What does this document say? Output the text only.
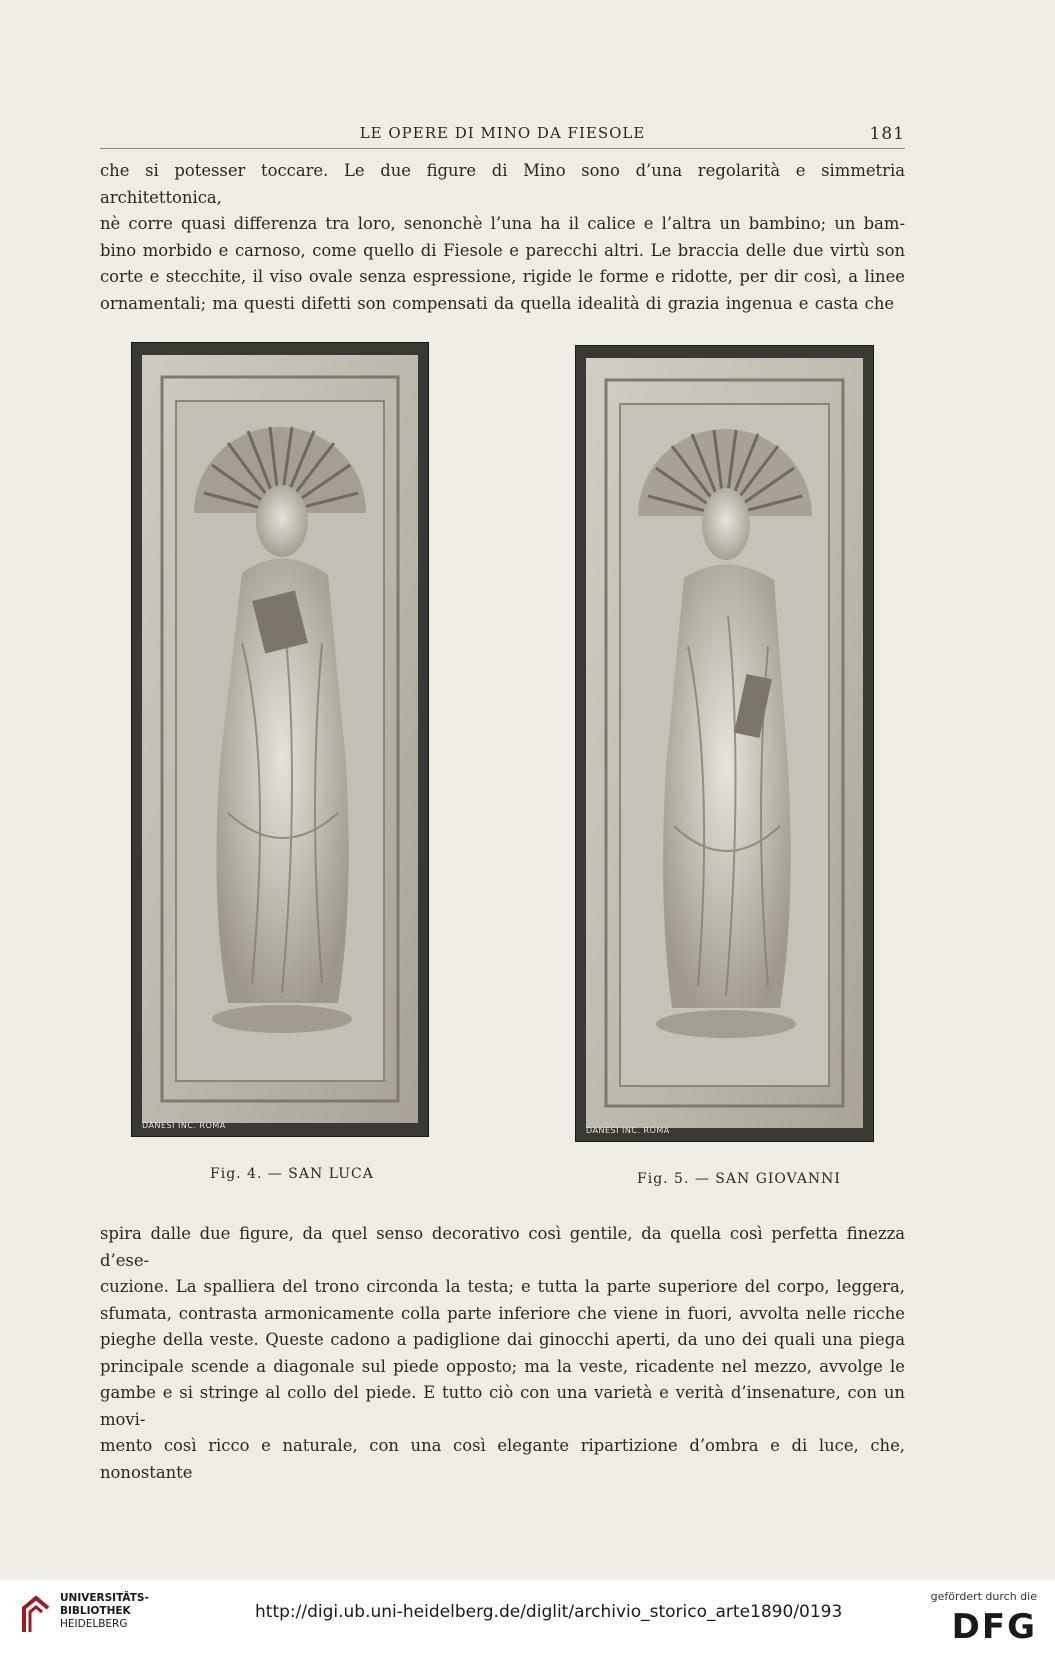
LE OPERE DI MINO DA FIESOLE	181

che si potesser toccare. Le due figure di Mino sono d’una regolarità e simmetria architettonica,
nè corre quasi differenza tra loro, senonchè l’una ha il calice e l’altra un bambino; un bam-
bino morbido e carnoso, come quello di Fiesole e parecchi altri. Le braccia delle due virtù son
corte e stecchite, il viso ovale senza espressione, rigide le forme e ridotte, per dir così, a linee
ornamentali; ma questi difetti son compensati da quella idealità di grazia ingenua e casta che

DANESI INC. ROMA
DANESI INC. ROMA
Fig. 4. — SAN LUCA	Fig. 5. — SAN GIOVANNI

spira dalle due figure, da quel senso decorativo così gentile, da quella così perfetta finezza d’ese-
cuzione. La spalliera del trono circonda la testa; e tutta la parte superiore del corpo, leggera,
sfumata, contrasta armonicamente colla parte inferiore che viene in fuori, avvolta nelle ricche
pieghe della veste. Queste cadono a padiglione dai ginocchi aperti, da uno dei quali una piega
principale scende a diagonale sul piede opposto; ma la veste, ricadente nel mezzo, avvolge le
gambe e si stringe al collo del piede. E tutto ciò con una varietà e verità d’insenature, con un movi-
mento così ricco e naturale, con una così elegante ripartizione d’ombra e di luce, che, nonostante

UNIVERSITÄTS-
BIBLIOTHEK
HEIDELBERG
http://digi.ub.uni-heidelberg.de/diglit/archivio_storico_arte1890/0193
gefördert durch die
DFG
